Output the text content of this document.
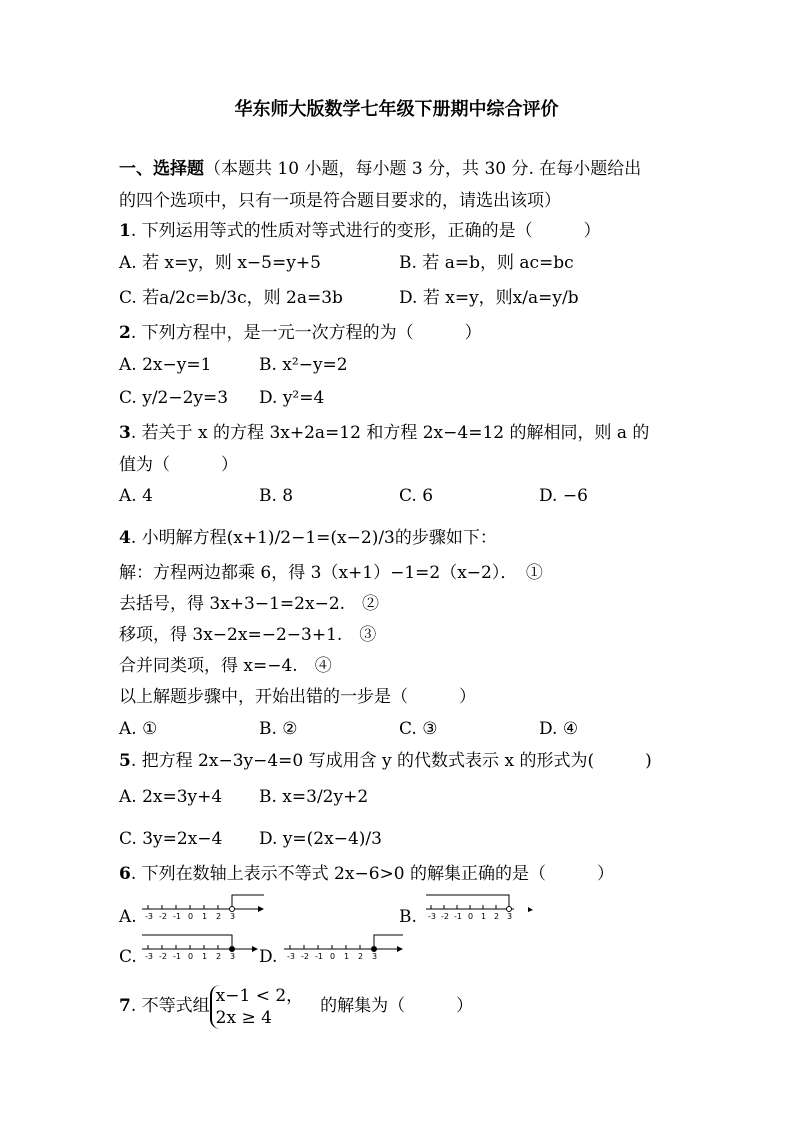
华东师大版数学七年级下册期中综合评价
一、选择题（本题共 10 小题，每小题 3 分，共 30 分. 在每小题给出
的四个选项中，只有一项是符合题目要求的，请选出该项）
1. 下列运用等式的性质对等式进行的变形，正确的是（　　　）
A. 若 x=y，则 x−5=y+5	B. 若 a=b，则 ac=bc
C. 若a/2c=b/3c，则 2a=3b	D. 若 x=y，则x/a=y/b
2. 下列方程中，是一元一次方程的为（　　　）
A. 2x−y=1	B. x²−y=2
C. y/2−2y=3 D. y²=4
3. 若关于 x 的方程 3x+2a=12 和方程 2x−4=12 的解相同，则 a 的
值为（　　　）
A. 4	B. 8	C. 6	D. −6
4. 小明解方程(x+1)/2−1=(x−2)/3的步骤如下：
解：方程两边都乘 6，得 3（x+1）−1=2（x−2）．　①
去括号，得 3x+3−1=2x−2.　②
移项，得 3x−2x=−2−3+1.　③
合并同类项，得 x=−4.　④
以上解题步骤中，开始出错的一步是（　　　）
A. ①	B. ②	C. ③	D. ④
5. 把方程 2x−3y−4=0 写成用含 y 的代数式表示 x 的形式为(　　　)
A. 2x=3y+4 B. x=3/2y+2
C. 3y=2x−4 D. y=(2x−4)/3
6. 下列在数轴上表示不等式 2x−6>0 的解集正确的是（　　　）
A. -3 -2 -1 0 1 2 3	B. -3 -2 -1 0 1 2 3
C. -3 -2 -1 0 1 2 3 D. -3 -2 -1 0 1 2 3
7. 不等式组
x−1 < 2，
2x ≥ 4
　的解集为（　　　）
